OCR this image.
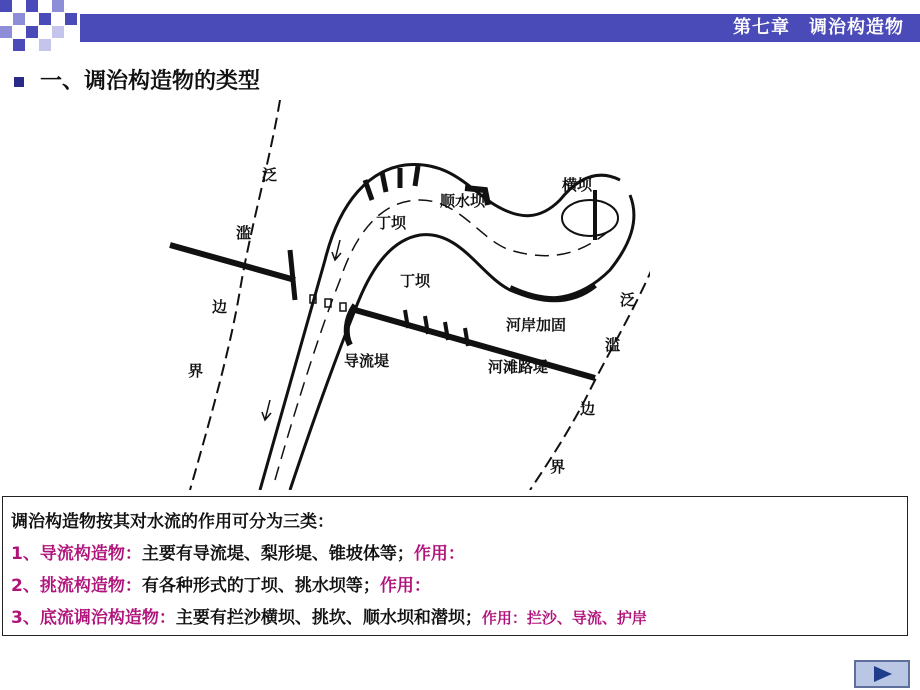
第七章　调治构造物
一、调治构造物的类型
泛
滥
边
界
丁坝
顺水坝
横坝
丁坝
导流堤
河岸加固
河滩路堤
泛
滥
边
界
调治构造物按其对水流的作用可分为三类：
1、导流构造物：主要有导流堤、梨形堤、锥坡体等；作用：
2、挑流构造物：有各种形式的丁坝、挑水坝等；作用：
3、底流调治构造物：主要有拦沙横坝、挑坎、顺水坝和潜坝；作用：拦沙、导流、护岸
